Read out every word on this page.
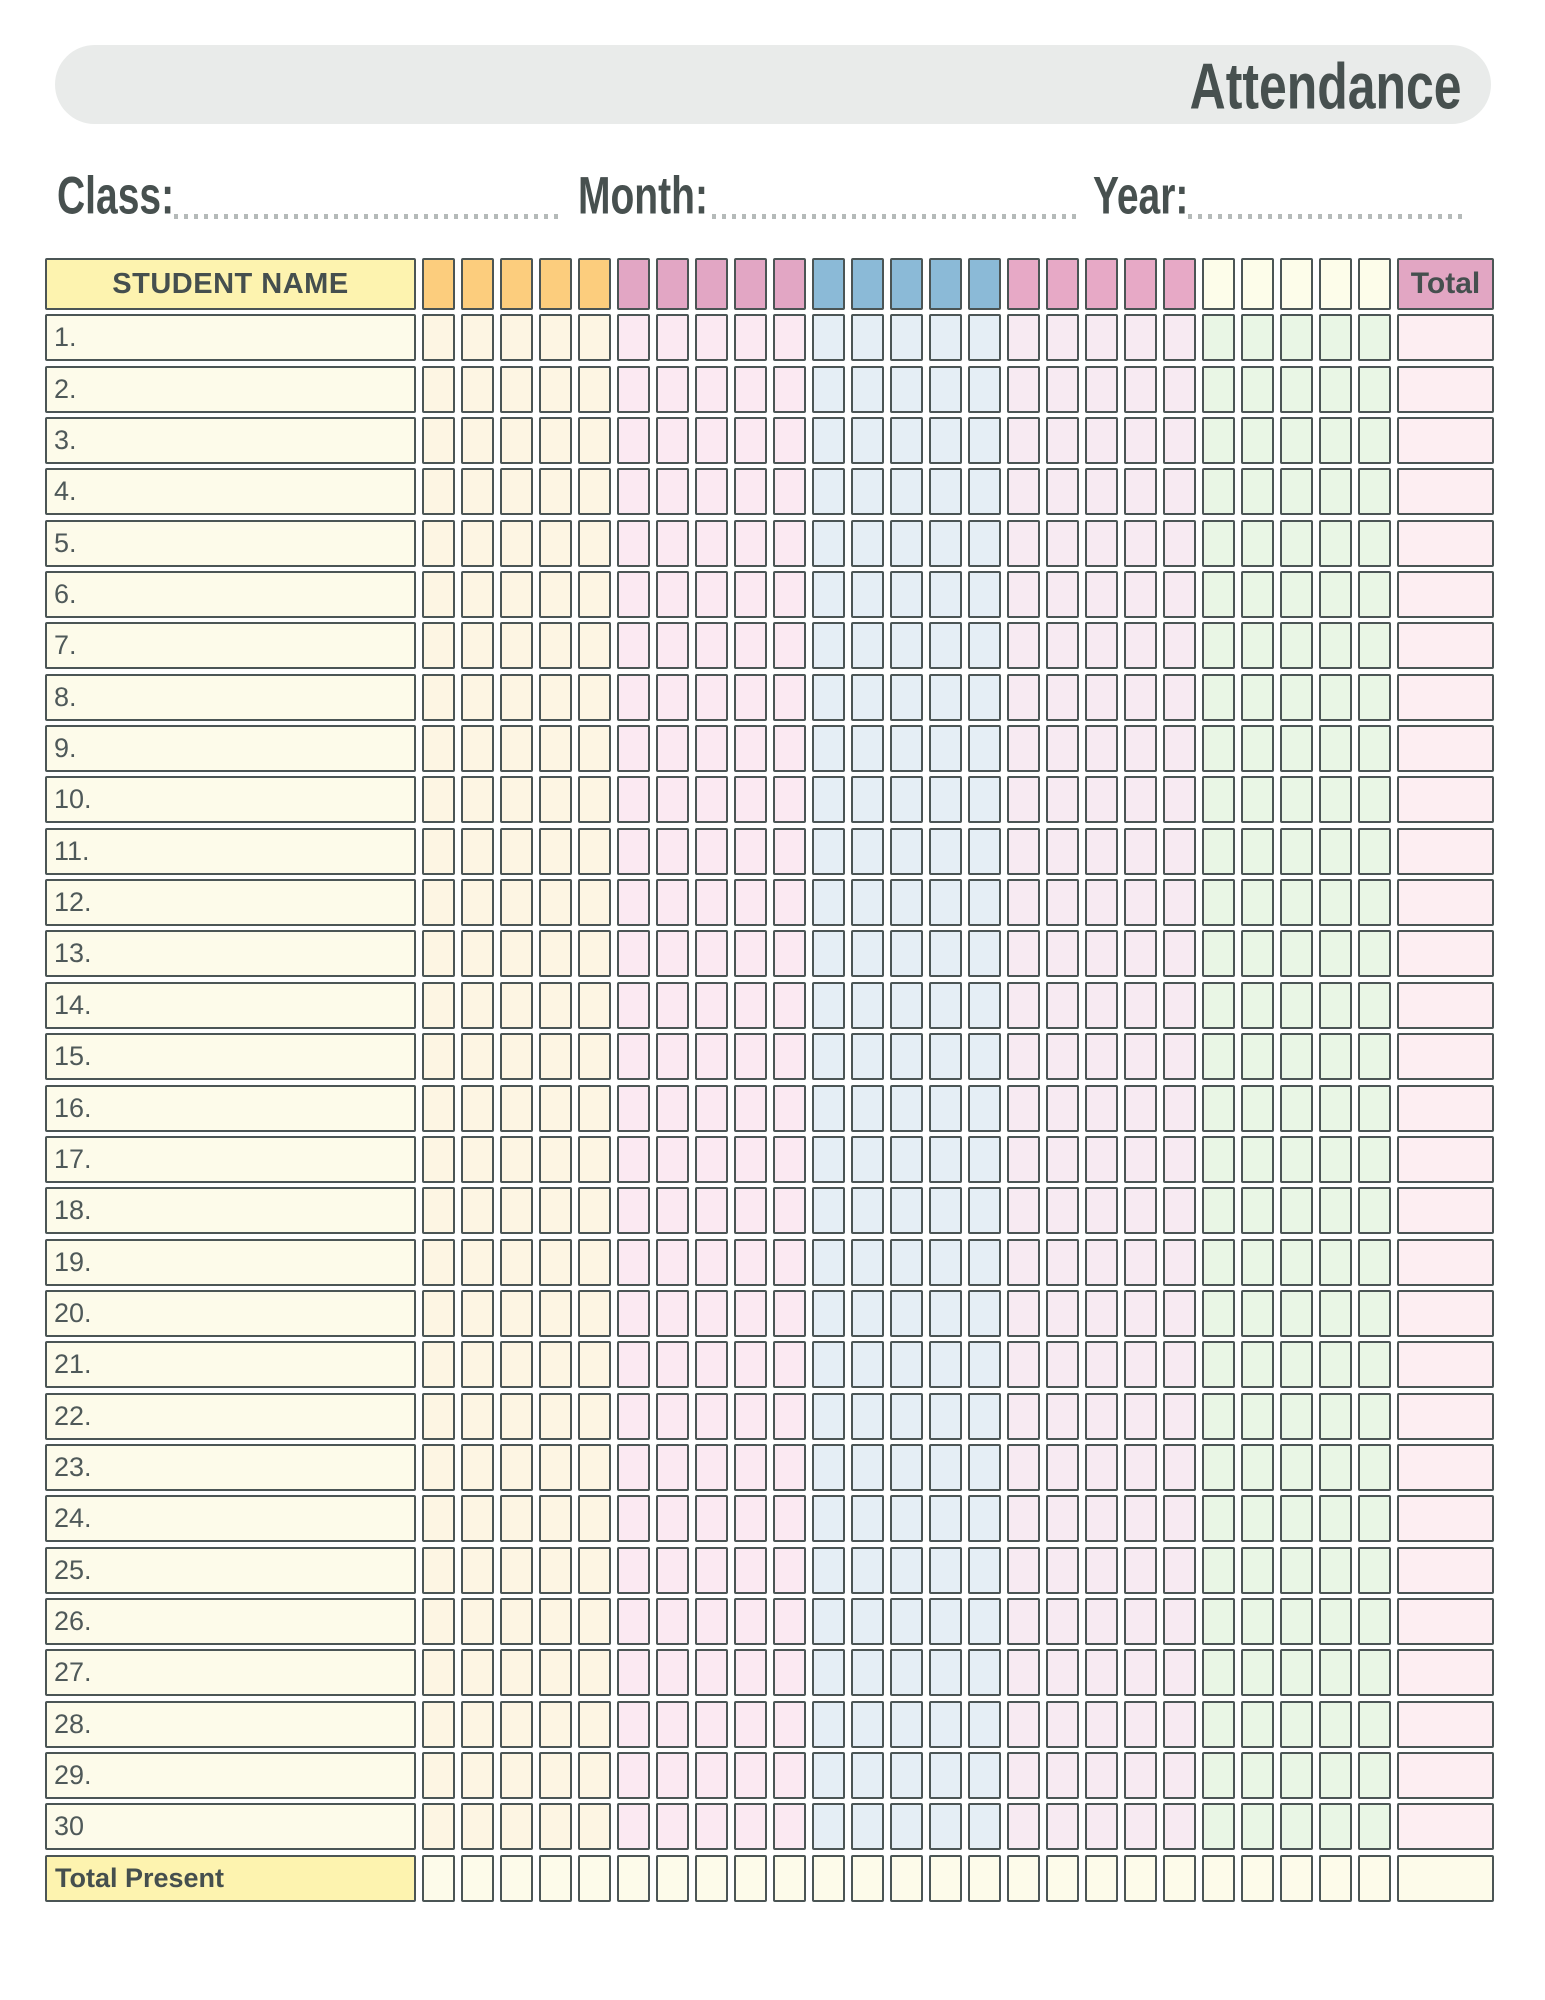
Attendance
Class:	Month:	Year:
STUDENT NAME	Total
1.
2.
3.
4.
5.
6.
7.
8.
9.
10.
11.
12.
13.
14.
15.
16.
17.
18.
19.
20.
21.
22.
23.
24.
25.
26.
27.
28.
29.
30
Total Present
